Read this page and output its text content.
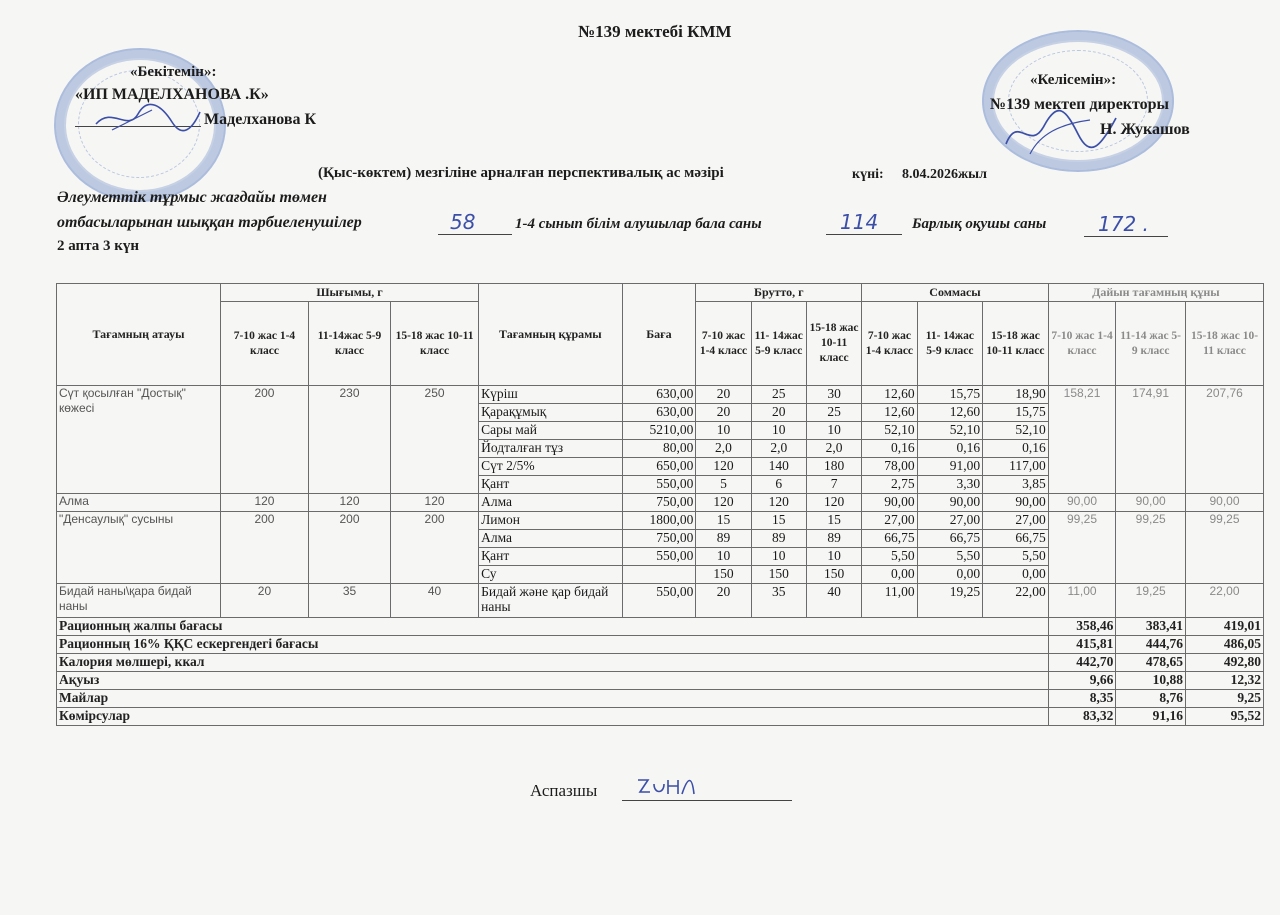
№139 мектебі КММ
«Бекітемін»:
«ИП МАДЕЛХАНОВА .К»
Маделханова К
«Келісемін»:
№139 мектеп директоры
Н. Жукашов
(Қыс-көктем) мезгіліне арналған перспективалық ас мәзірі	күні: 8.04.2026жыл
Әлеуметтік тұрмыс жағдайы төмен
отбасыларынан шыққан тәрбиеленушілер	58	1-4 сынып білім алушылар бала саны	114 Барлық оқушы саны	172 .
2 апта 3 күн
Тағамның атауы	Шығымы, г			Тағамның құрамы	Баға	Брутто, г			Соммасы			Дайын тағамның құны		
	7-10 жас 1-4 класс	11-14жас 5-9 класс	15-18 жас 10-11 класс			7-10 жас 1-4 класс	11- 14жас 5-9 класс	15-18 жас 10-11 класс	7-10 жас 1-4 класс	11- 14жас 5-9 класс	15-18 жас 10-11 класс	7-10 жас 1-4 класс	11-14 жас 5-9 класс	15-18 жас 10-11 класс
Сүт қосылған "Достық" көжесі	200	230	250	Күріш	630,00	20	25	30	12,60	15,75	18,90	158,21	174,91	207,76
				Қарақұмық	630,00	20	20	25	12,60	12,60	15,75			
				Сары май	5210,00	10	10	10	52,10	52,10	52,10			
				Йодталған тұз	80,00	2,0	2,0	2,0	0,16	0,16	0,16			
				Сүт 2/5%	650,00	120	140	180	78,00	91,00	117,00			
				Қант	550,00	5	6	7	2,75	3,30	3,85			
Алма	120	120	120	Алма	750,00	120	120	120	90,00	90,00	90,00	90,00	90,00	90,00
"Денсаулық" сусыны	200	200	200	Лимон	1800,00	15	15	15	27,00	27,00	27,00	99,25	99,25	99,25
				Алма	750,00	89	89	89	66,75	66,75	66,75			
				Қант	550,00	10	10	10	5,50	5,50	5,50			
				Су		150	150	150	0,00	0,00	0,00			
Бидай наны\қара бидай наны	20	35	40	Бидай және қар бидай наны	550,00	20	35	40	11,00	19,25	22,00	11,00	19,25	22,00
Рационның жалпы бағасы												358,46	383,41	419,01
Рационның 16% ҚҚС ескергендегі бағасы												415,81	444,76	486,05
Калория мөлшері, ккал												442,70	478,65	492,80
Ақуыз												9,66	10,88	12,32
Майлар												8,35	8,76	9,25
Көмірсулар												83,32	91,16	95,52
Аспазшы
